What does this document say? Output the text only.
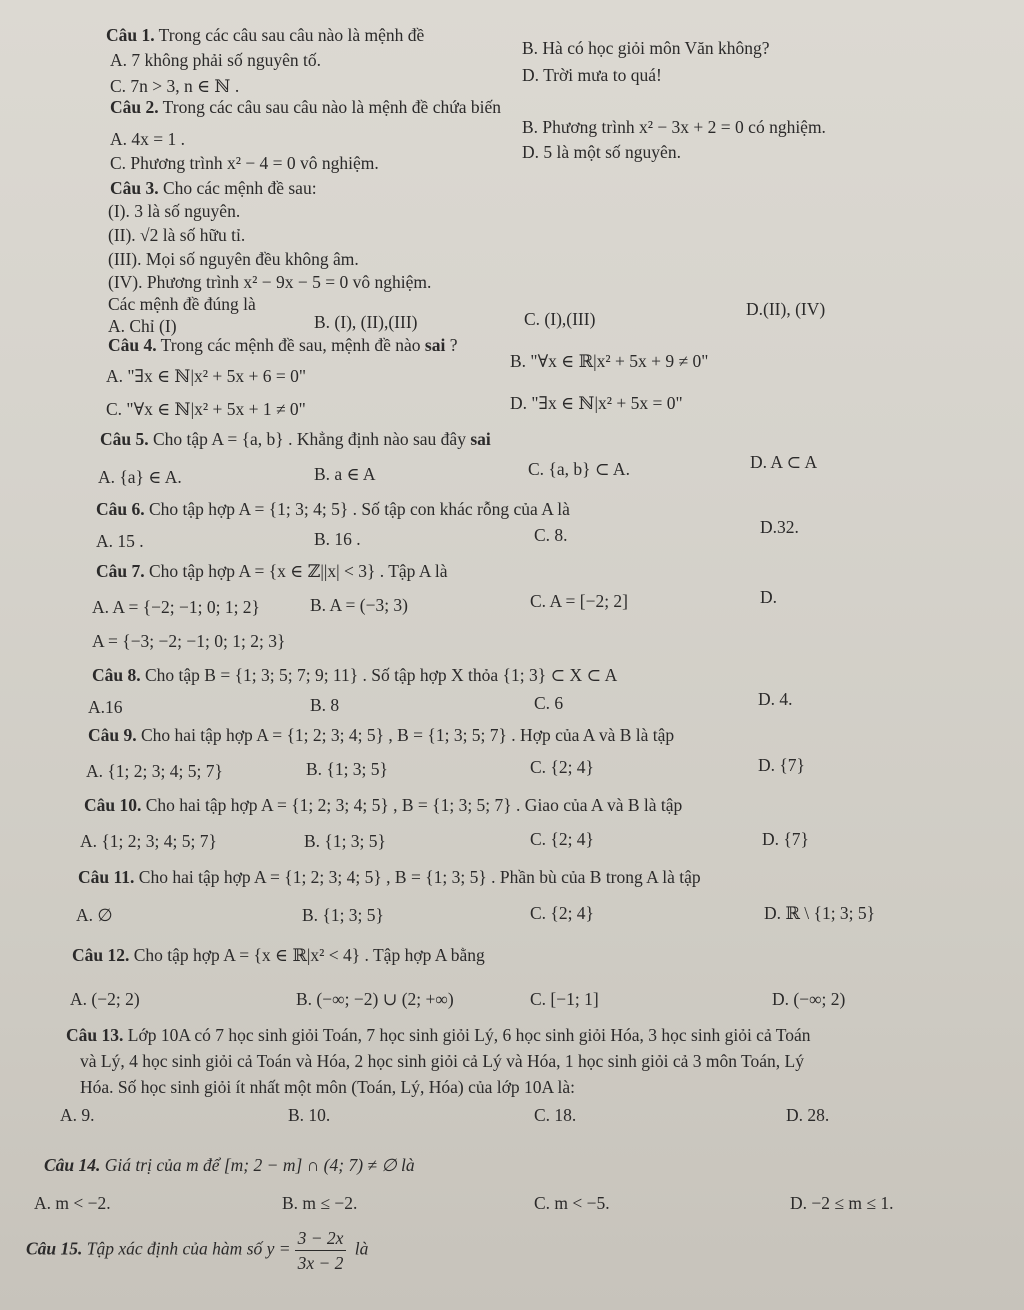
Câu 1. Trong các câu sau câu nào là mệnh đề
A. 7 không phải số nguyên tố.
B. Hà có học giỏi môn Văn không?
C. 7n > 3, n ∈ ℕ .
D. Trời mưa to quá!
Câu 2. Trong các câu sau câu nào là mệnh đề chứa biến
A. 4x = 1 .
B. Phương trình x² − 3x + 2 = 0 có nghiệm.
C. Phương trình x² − 4 = 0 vô nghiệm.
D. 5 là một số nguyên.
Câu 3. Cho các mệnh đề sau:
(I). 3 là số nguyên.
(II). √2 là số hữu tỉ.
(III). Mọi số nguyên đều không âm.
(IV). Phương trình x² − 9x − 5 = 0 vô nghiệm.
Các mệnh đề đúng là
A. Chỉ (I)	B. (I), (II),(III)	C. (I),(III)	D.(II), (IV)
Câu 4. Trong các mệnh đề sau, mệnh đề nào sai ?
A. "∃x ∈ ℕ|x² + 5x + 6 = 0"
B. "∀x ∈ ℝ|x² + 5x + 9 ≠ 0"
C. "∀x ∈ ℕ|x² + 5x + 1 ≠ 0"	D. "∃x ∈ ℕ|x² + 5x = 0"
Câu 5. Cho tập A = {a, b} . Khẳng định nào sau đây sai
A. {a} ∈ A.	B. a ∈ A	C. {a, b} ⊂ A.	D. A ⊂ A
Câu 6. Cho tập hợp A = {1; 3; 4; 5} . Số tập con khác rỗng của A là
A. 15 .	B. 16 .	C. 8.	D.32.
Câu 7. Cho tập hợp A = {x ∈ ℤ||x| < 3} . Tập A là
A. A = {−2; −1; 0; 1; 2}	B. A = (−3; 3)	C. A = [−2; 2]	D.
A = {−3; −2; −1; 0; 1; 2; 3}
Câu 8. Cho tập B = {1; 3; 5; 7; 9; 11} . Số tập hợp X thỏa {1; 3} ⊂ X ⊂ A
A.16	B. 8	C. 6	D. 4.
Câu 9. Cho hai tập hợp A = {1; 2; 3; 4; 5} , B = {1; 3; 5; 7} . Hợp của A và B là tập
A. {1; 2; 3; 4; 5; 7}	B. {1; 3; 5}	C. {2; 4}	D. {7}
Câu 10. Cho hai tập hợp A = {1; 2; 3; 4; 5} , B = {1; 3; 5; 7} . Giao của A và B là tập
A. {1; 2; 3; 4; 5; 7}	B. {1; 3; 5}	C. {2; 4}	D. {7}
Câu 11. Cho hai tập hợp A = {1; 2; 3; 4; 5} , B = {1; 3; 5} . Phần bù của B trong A là tập
A. ∅	B. {1; 3; 5}	C. {2; 4}	D. ℝ \ {1; 3; 5}
Câu 12. Cho tập hợp A = {x ∈ ℝ|x² < 4} . Tập hợp A bằng
A. (−2; 2)	B. (−∞; −2) ∪ (2; +∞)	C. [−1; 1]	D. (−∞; 2)
Câu 13. Lớp 10A có 7 học sinh giỏi Toán, 7 học sinh giỏi Lý, 6 học sinh giỏi Hóa, 3 học sinh giỏi cả Toán
và Lý, 4 học sinh giỏi cả Toán và Hóa, 2 học sinh giỏi cả Lý và Hóa, 1 học sinh giỏi cả 3 môn Toán, Lý
Hóa. Số học sinh giỏi ít nhất một môn (Toán, Lý, Hóa) của lớp 10A là:
A. 9.	B. 10.	C. 18.	D. 28.
Câu 14. Giá trị của m để [m; 2 − m] ∩ (4; 7) ≠ ∅ là
A. m < −2.	B. m ≤ −2.	C. m < −5.	D. −2 ≤ m ≤ 1.
Câu 15. Tập xác định của hàm số $y = \frac{3 - 2x}{3x - 2}$ là
